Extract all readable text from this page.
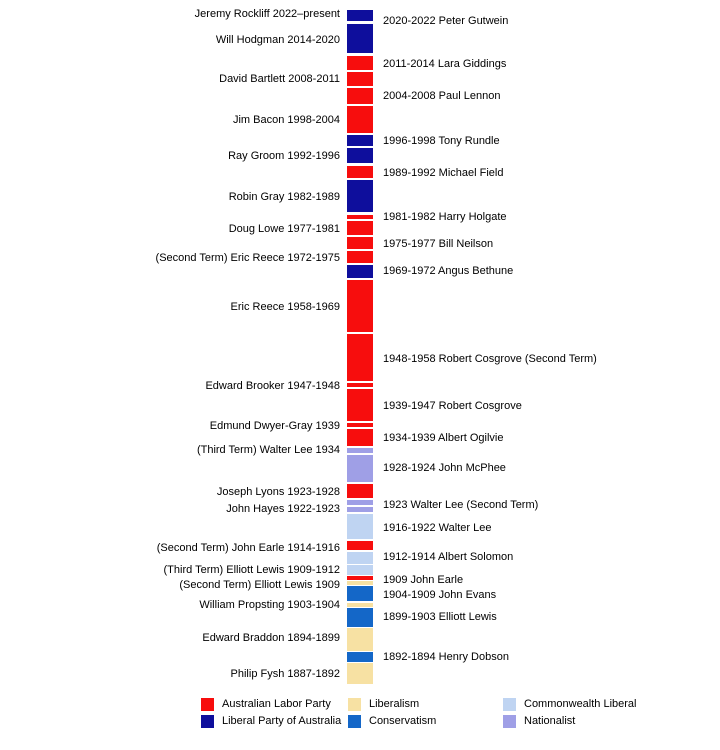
Jeremy Rockliff 2022–present
Will Hodgman 2014-2020
David Bartlett 2008-2011
Jim Bacon 1998-2004
Ray Groom 1992-1996
Robin Gray 1982-1989
Doug Lowe 1977-1981
(Second Term) Eric Reece 1972-1975
Eric Reece 1958-1969
Edward Brooker 1947-1948
Edmund Dwyer-Gray 1939
(Third Term) Walter Lee 1934
Joseph Lyons 1923-1928
John Hayes 1922-1923
(Second Term) John Earle 1914-1916
(Third Term) Elliott Lewis 1909-1912
(Second Term) Elliott Lewis 1909
William Propsting 1903-1904
Edward Braddon 1894-1899
Philip Fysh 1887-1892
2020-2022 Peter Gutwein
2011-2014 Lara Giddings
2004-2008 Paul Lennon
1996-1998 Tony Rundle
1989-1992 Michael Field
1981-1982 Harry Holgate
1975-1977 Bill Neilson
1969-1972 Angus Bethune
1948-1958 Robert Cosgrove (Second Term)
1939-1947 Robert Cosgrove
1934-1939 Albert Ogilvie
1928-1924 John McPhee
1923 Walter Lee (Second Term)
1916-1922 Walter Lee
1912-1914 Albert Solomon
1909 John Earle
1904-1909 John Evans
1899-1903 Elliott Lewis
1892-1894 Henry Dobson
Australian Labor Party
Liberal Party of Australia
Liberalism
Conservatism
Commonwealth Liberal
Nationalist
